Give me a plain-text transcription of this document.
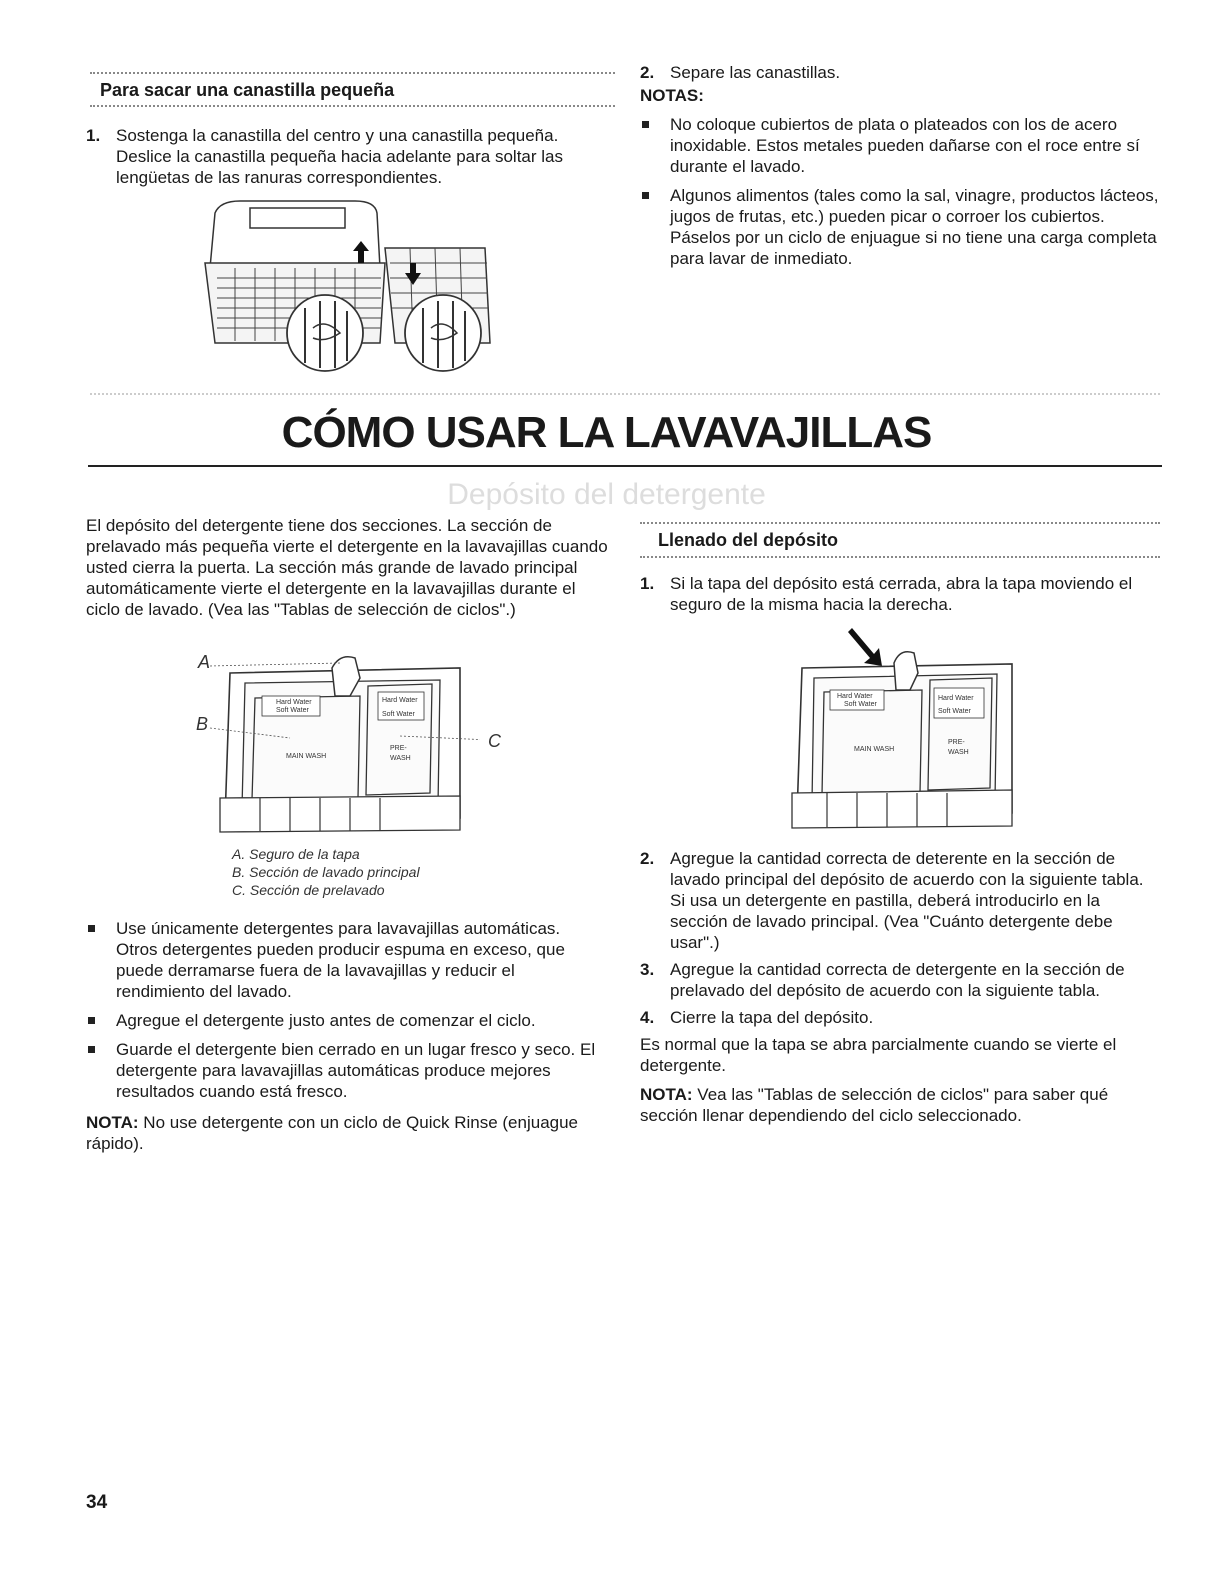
Para sacar una canastilla pequeña
1. Sostenga la canastilla del centro y una canastilla pequeña. Deslice la canastilla pequeña hacia adelante para soltar las lengüetas de las ranuras correspondientes.
2. Separe las canastillas.
NOTAS:
No coloque cubiertos de plata o plateados con los de acero inoxidable. Estos metales pueden dañarse con el roce entre sí durante el lavado.
Algunos alimentos (tales como la sal, vinagre, productos lácteos, jugos de frutas, etc.) pueden picar o corroer los cubiertos. Páselos por un ciclo de enjuague si no tiene una carga completa para lavar de inmediato.
CÓMO USAR LA LAVAVAJILLAS
Depósito del detergente

El depósito del detergente tiene dos secciones. La sección de prelavado más pequeña vierte el detergente en la lavavajillas cuando usted cierra la puerta. La sección más grande de lavado principal automáticamente vierte el detergente en la lavavajillas durante el ciclo de lavado. (Vea las "Tablas de selección de ciclos".)

Hard Water
Soft Water
Hard Water
Soft Water
MAIN WASH
PRE-
WASH
A
B
C
A. Seguro de la tapa
B. Sección de lavado principal
C. Sección de prelavado
Use únicamente detergentes para lavavajillas automáticas. Otros detergentes pueden producir espuma en exceso, que puede derramarse fuera de la lavavajillas y reducir el rendimiento del lavado.
Agregue el detergente justo antes de comenzar el ciclo.
Guarde el detergente bien cerrado en un lugar fresco y seco. El detergente para lavavajillas automáticas produce mejores resultados cuando está fresco.

NOTA: No use detergente con un ciclo de Quick Rinse (enjuague rápido).

Llenado del depósito
1. Si la tapa del depósito está cerrada, abra la tapa moviendo el seguro de la misma hacia la derecha.
Hard Water
Soft Water
Hard Water
Soft Water
MAIN WASH
PRE-
WASH
2. Agregue la cantidad correcta de deterente en la sección de lavado principal del depósito de acuerdo con la siguiente tabla. Si usa un detergente en pastilla, deberá introducirlo en la sección de lavado principal. (Vea "Cuánto detergente debe usar".)
3. Agregue la cantidad correcta de detergente en la sección de prelavado del depósito de acuerdo con la siguiente tabla.
4. Cierre la tapa del depósito.

Es normal que la tapa se abra parcialmente cuando se vierte el detergente.

NOTA: Vea las "Tablas de selección de ciclos" para saber qué sección llenar dependiendo del ciclo seleccionado.

34
